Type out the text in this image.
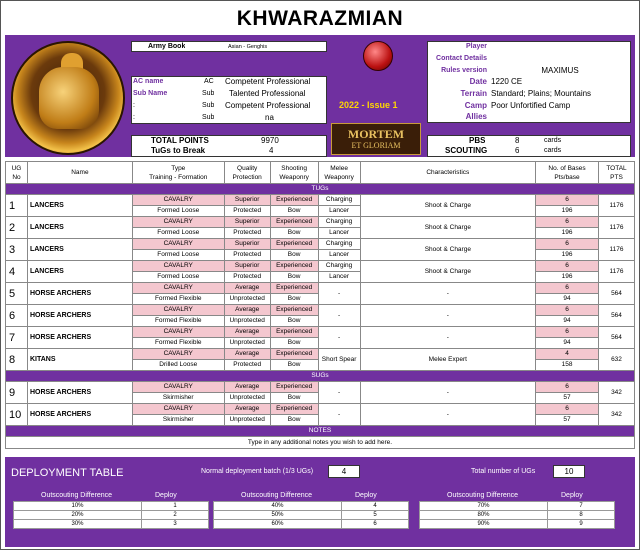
KHWARAZMIAN
Army Book	Asian - Genghis
AC name	AC Competent Professional
Sub Name	Sub Talented Professional
:	Sub Competent Professional
:	Sub	na
TOTAL POINTS	9970
TuGs to Break	4
2022 - Issue 1
MORTEM
ET GLORIAM
Player
Contact Details
Rules version	MAXIMUS
Date 1220 CE
Terrain Standard; Plains; Mountains
Camp Poor Unfortified Camp
Allies
PBS	8	cards
SCOUTING	6	cards
UG
No	Name	Type
Training - Formation	Quality
Protection	Shooting
Weaponry	Melee
Weaponry	Characteristics	No. of Bases
Pts/base	TOTAL
PTS
TUGs								
1	LANCERS	CAVALRY	Superior	Experienced	Charging	Shoot & Charge	6	1176
		Formed Loose	Protected	Bow	Lancer		196	
2	LANCERS	CAVALRY	Superior	Experienced	Charging	Shoot & Charge	6	1176
		Formed Loose	Protected	Bow	Lancer		196	
3	LANCERS	CAVALRY	Superior	Experienced	Charging	Shoot & Charge	6	1176
		Formed Loose	Protected	Bow	Lancer		196	
4	LANCERS	CAVALRY	Superior	Experienced	Charging	Shoot & Charge	6	1176
		Formed Loose	Protected	Bow	Lancer		196	
5	HORSE ARCHERS	CAVALRY	Average	Experienced	-	-	6	564
		Formed Flexible	Unprotected	Bow			94	
6	HORSE ARCHERS	CAVALRY	Average	Experienced	-	-	6	564
		Formed Flexible	Unprotected	Bow			94	
7	HORSE ARCHERS	CAVALRY	Average	Experienced	-	-	6	564
		Formed Flexible	Unprotected	Bow			94	
8	KITANS	CAVALRY	Average	Experienced	Short Spear	Melee Expert	4	632
		Drilled Loose	Protected	Bow			158	
SUGs								
9	HORSE ARCHERS	CAVALRY	Average	Experienced	-	-	6	342
		Skirmisher	Unprotected	Bow			57	
10	HORSE ARCHERS	CAVALRY	Average	Experienced	-	-	6	342
		Skirmisher	Unprotected	Bow			57	
NOTES								
Type in any additional notes you wish to add here.								
DEPLOYMENT TABLE	Normal deployment batch (1/3 UGs)	4	Total number of UGs	10
Outscouting Difference	Deploy
10%	1
20%	2
30%	3
Outscouting Difference	Deploy
40%	4
50%	5
60%	6
Outscouting Difference	Deploy
70%	7
80%	8
90%	9
